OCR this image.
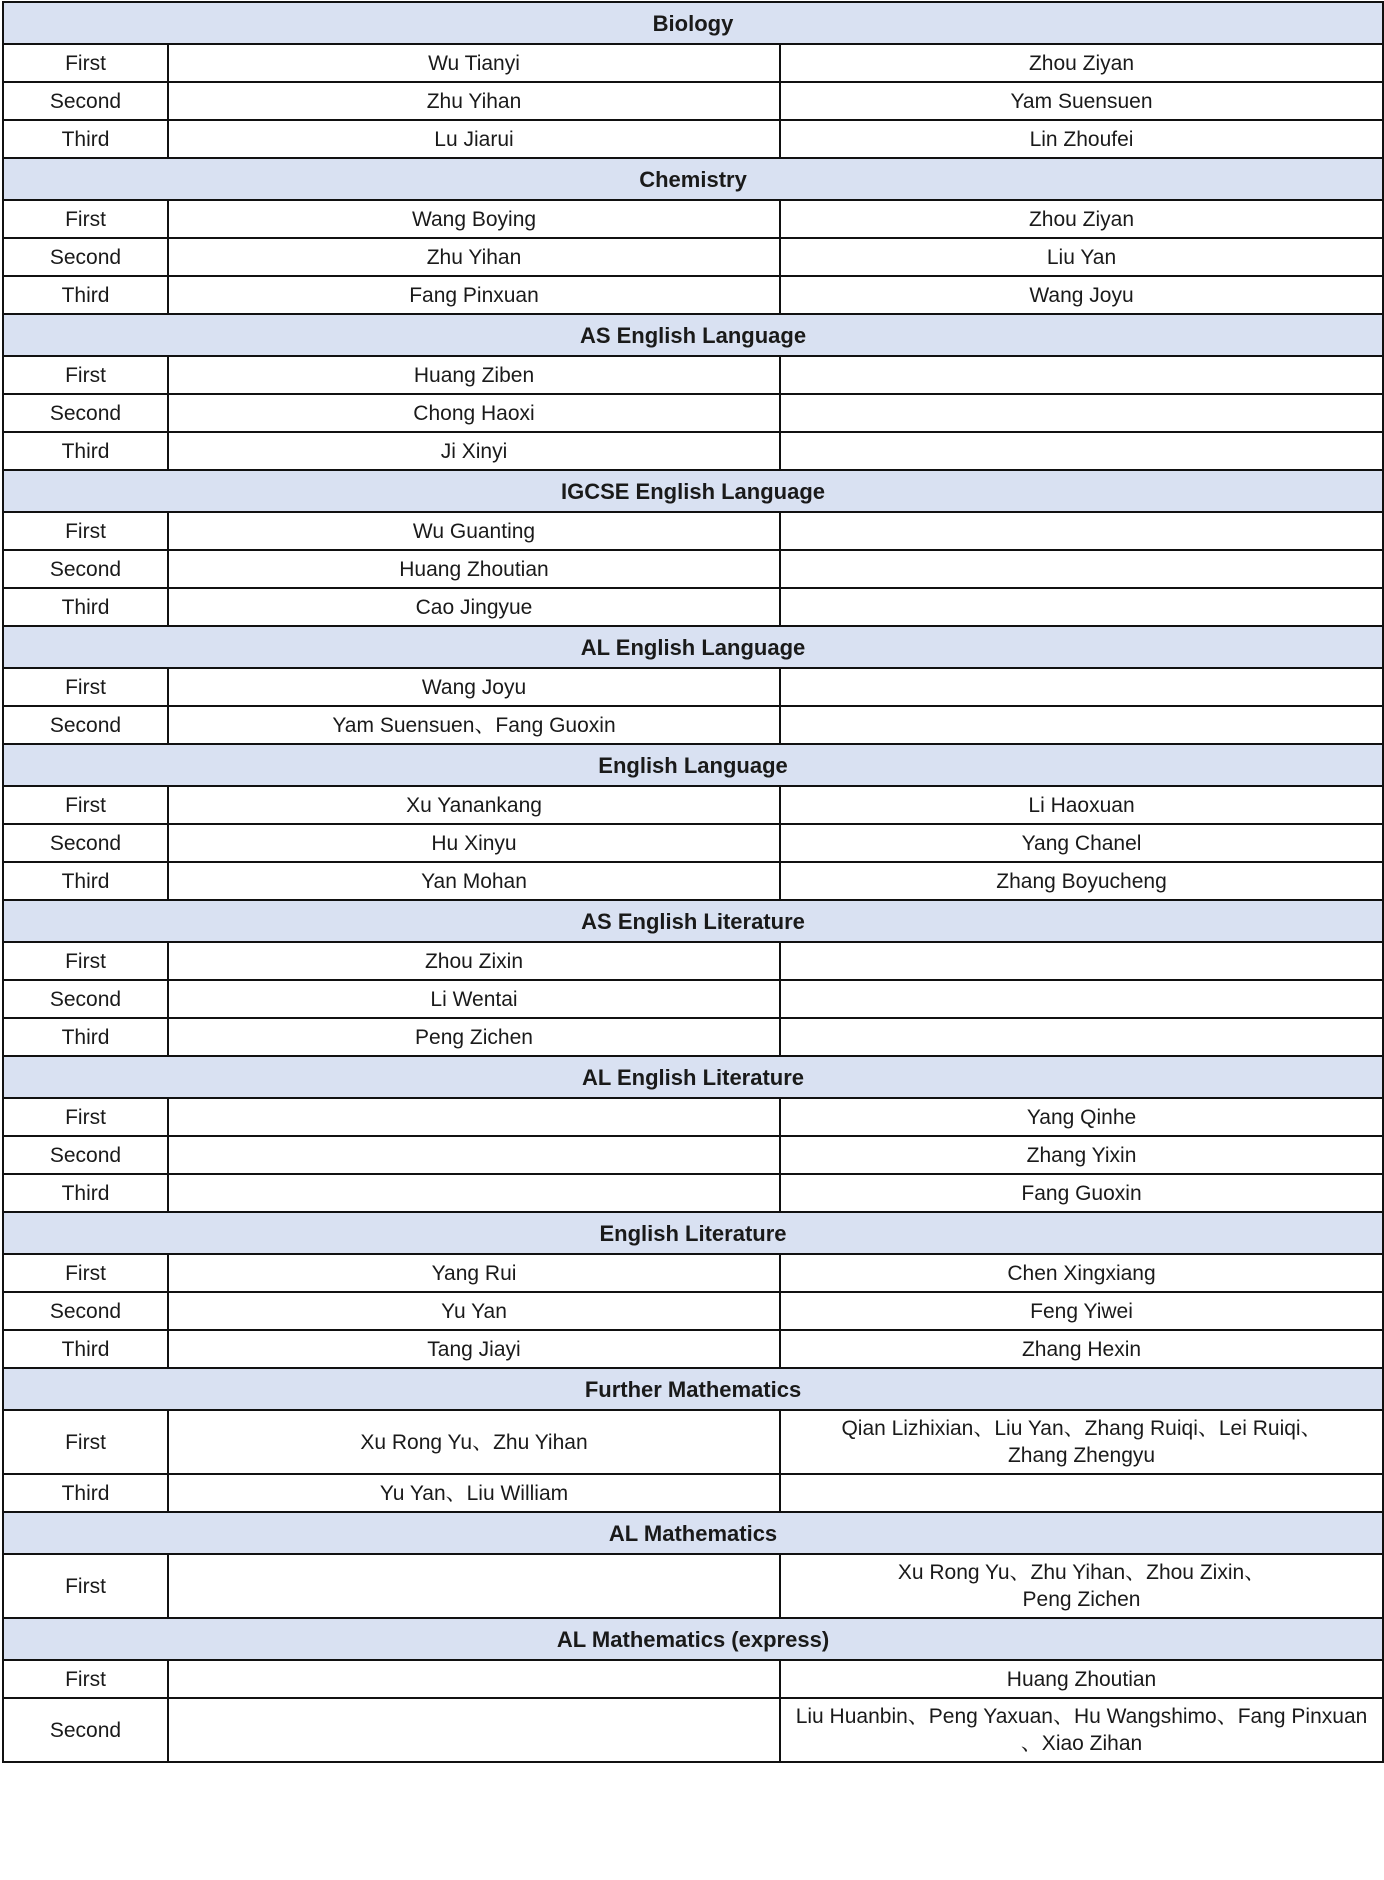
Biology		
First	Wu Tianyi	Zhou Ziyan
Second	Zhu Yihan	Yam Suensuen
Third	Lu Jiarui	Lin Zhoufei
Chemistry		
First	Wang Boying	Zhou Ziyan
Second	Zhu Yihan	Liu Yan
Third	Fang Pinxuan	Wang Joyu
AS English Language		
First	Huang Ziben	
Second	Chong Haoxi	
Third	Ji Xinyi	
IGCSE English Language		
First	Wu Guanting	
Second	Huang Zhoutian	
Third	Cao Jingyue	
AL English Language		
First	Wang Joyu	
Second	Yam Suensuen、Fang Guoxin	
English Language		
First	Xu Yanankang	Li Haoxuan
Second	Hu Xinyu	Yang Chanel
Third	Yan Mohan	Zhang Boyucheng
AS English Literature		
First	Zhou Zixin	
Second	Li Wentai	
Third	Peng Zichen	
AL English Literature		
First		Yang Qinhe
Second		Zhang Yixin
Third		Fang Guoxin
English Literature		
First	Yang Rui	Chen Xingxiang
Second	Yu Yan	Feng Yiwei
Third	Tang Jiayi	Zhang Hexin
Further Mathematics		
First	Xu Rong Yu、Zhu Yihan	Qian Lizhixian、Liu Yan、Zhang Ruiqi、Lei Ruiqi、
Zhang Zhengyu
Third	Yu Yan、Liu William	
AL Mathematics		
First		Xu Rong Yu、Zhu Yihan、Zhou Zixin、
Peng Zichen
AL Mathematics (express)		
First		Huang Zhoutian
Second		Liu Huanbin、Peng Yaxuan、Hu Wangshimo、Fang Pinxuan
、Xiao Zihan
